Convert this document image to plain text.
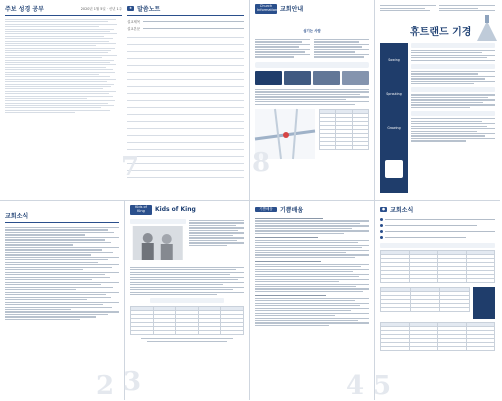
주보 성경 공부	2020년 1월 5일 · 신년 1주	★ 말씀노트
설교제목
설교본문
7
Church Information 교회안내
섬기는 사람

8
휴트랜드 기경
Sowing
Sprouting
Growing
교회소식
2
Kids of King	Kids of King

3
기쁨배움	기쁨배움
4
● 교회소식

5
